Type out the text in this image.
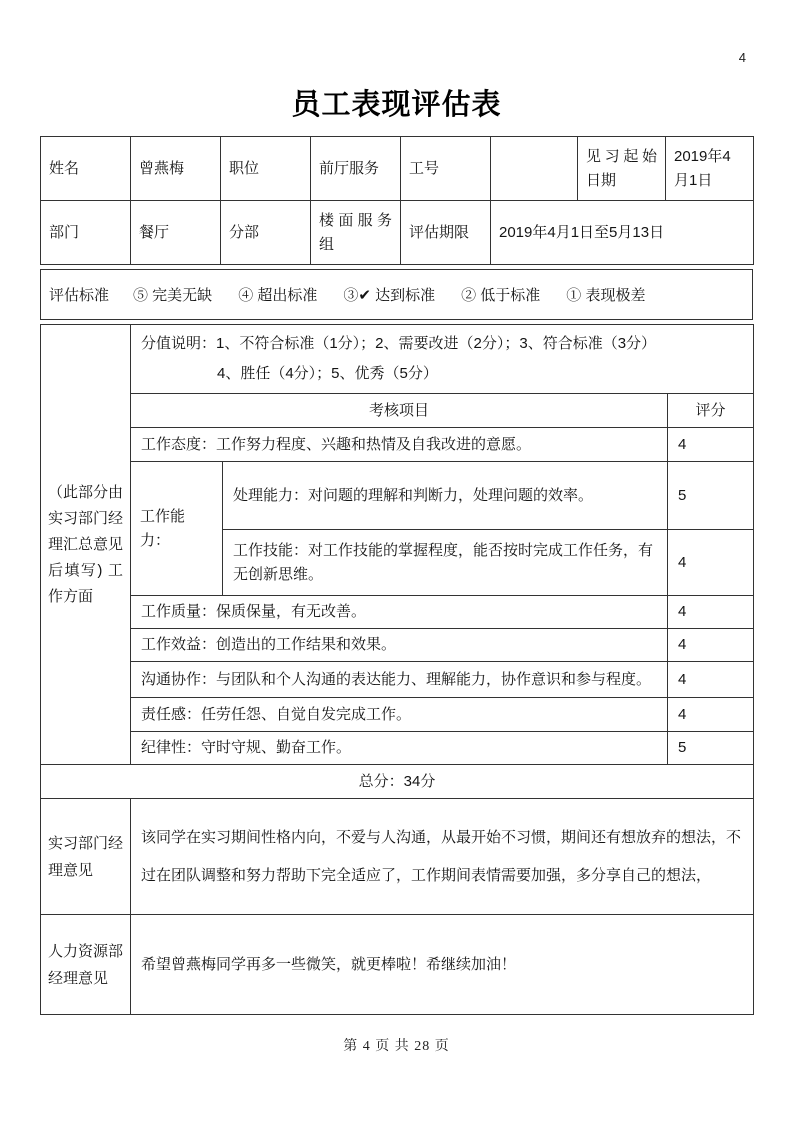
4
员工表现评估表
姓名	曾燕梅	职位	前厅服务	工号		见习起始日期	2019年4月1日
部门	餐厅	分部	楼面服务组	评估期限	2019年4月1日至5月13日		
评估标准 ⑤ 完美无缺 ④ 超出标准 ③✔ 达到标准 ② 低于标准 ① 表现极差
（此部分由实习部门经理汇总意见后填写) 工作方面	分值说明：1、不符合标准（1分）；2、需要改进（2分）；3、符合标准（3分）
4、胜任（4分）；5、优秀（5分）		

	考核项目		评分
	工作态度：工作努力程度、兴趣和热情及自我改进的意愿。		4
	工作能力：	处理能力：对问题的理解和判断力，处理问题的效率。	5
		工作技能：对工作技能的掌握程度，能否按时完成工作任务，有无创新思维。	4
	工作质量：保质保量，有无改善。		4
	工作效益：创造出的工作结果和效果。		4
	沟通协作：与团队和个人沟通的表达能力、理解能力，协作意识和参与程度。		4
	责任感：任劳任怨、自觉自发完成工作。		4
	纪律性：守时守规、勤奋工作。		5
总分：34分			

实习部门经理意见	该同学在实习期间性格内向，不爱与人沟通，从最开始不习惯，期间还有想放弃的想法，不过在团队调整和努力帮助下完全适应了，工作期间表情需要加强，多分享自己的想法，		

人力资源部经理意见	希望曾燕梅同学再多一些微笑，就更棒啦！希继续加油！		
第 4 页 共 28 页
